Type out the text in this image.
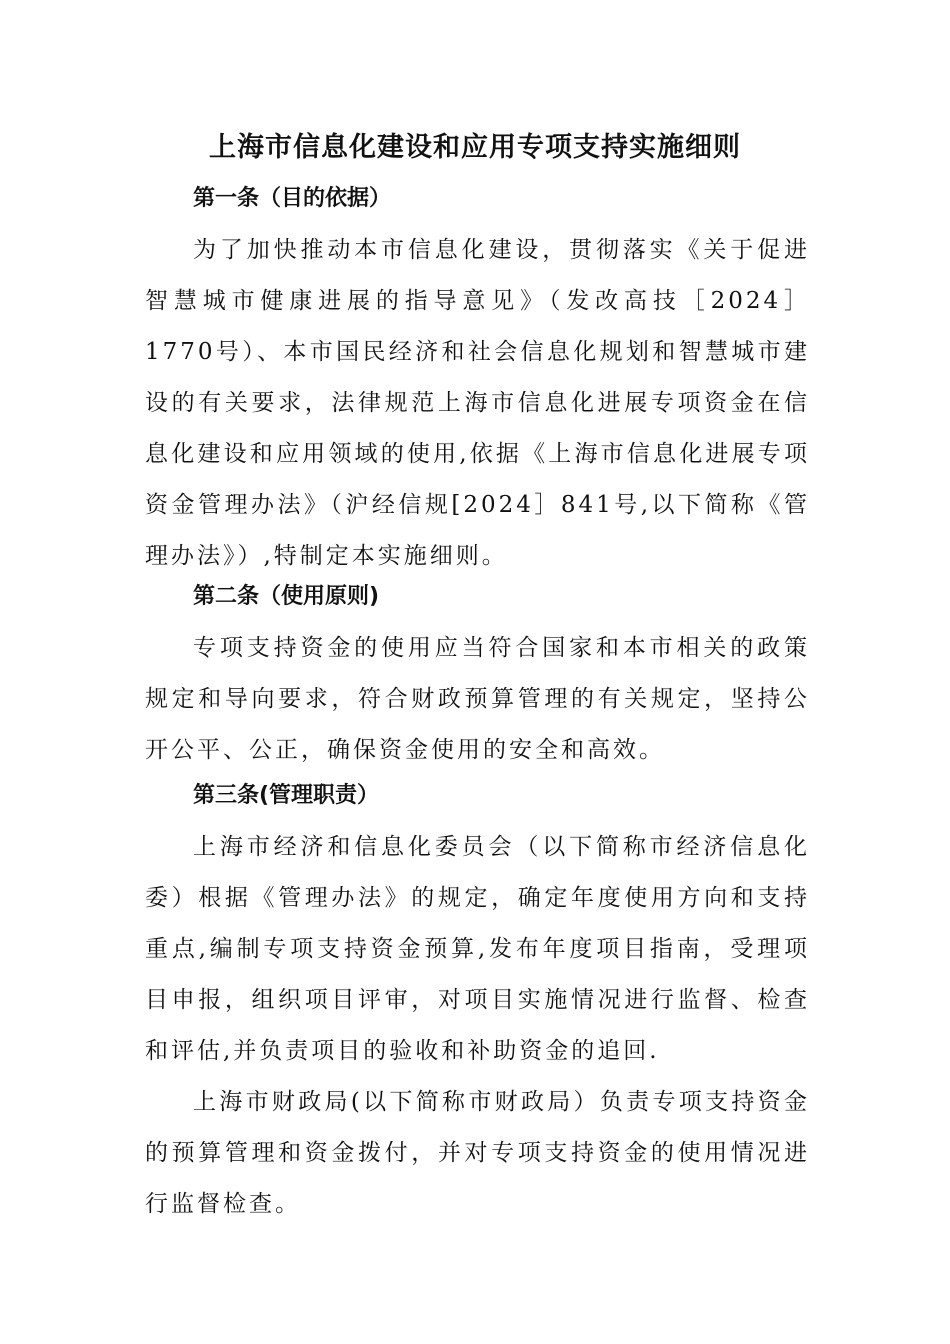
上海市信息化建设和应用专项支持实施细则
第一条（目的依据）

为了加快推动本市信息化建设，贯彻落实《关于促进智慧城市健康进展的指导意见》（发改高技［2024］1770号）、本市国民经济和社会信息化规划和智慧城市建设的有关要求，法律规范上海市信息化进展专项资金在信息化建设和应用领域的使用,依据《上海市信息化进展专项资金管理办法》（沪经信规[2024］841号,以下简称《管理办法》）,特制定本实施细则。

第二条（使用原则)

专项支持资金的使用应当符合国家和本市相关的政策规定和导向要求，符合财政预算管理的有关规定，坚持公开公平、公正，确保资金使用的安全和高效。

第三条(管理职责）

上海市经济和信息化委员会（以下简称市经济信息化委）根据《管理办法》的规定，确定年度使用方向和支持重点,编制专项支持资金预算,发布年度项目指南，受理项目申报，组织项目评审，对项目实施情况进行监督、检查和评估,并负责项目的验收和补助资金的追回.

上海市财政局(以下简称市财政局）负责专项支持资金的预算管理和资金拨付，并对专项支持资金的使用情况进行监督检查。
